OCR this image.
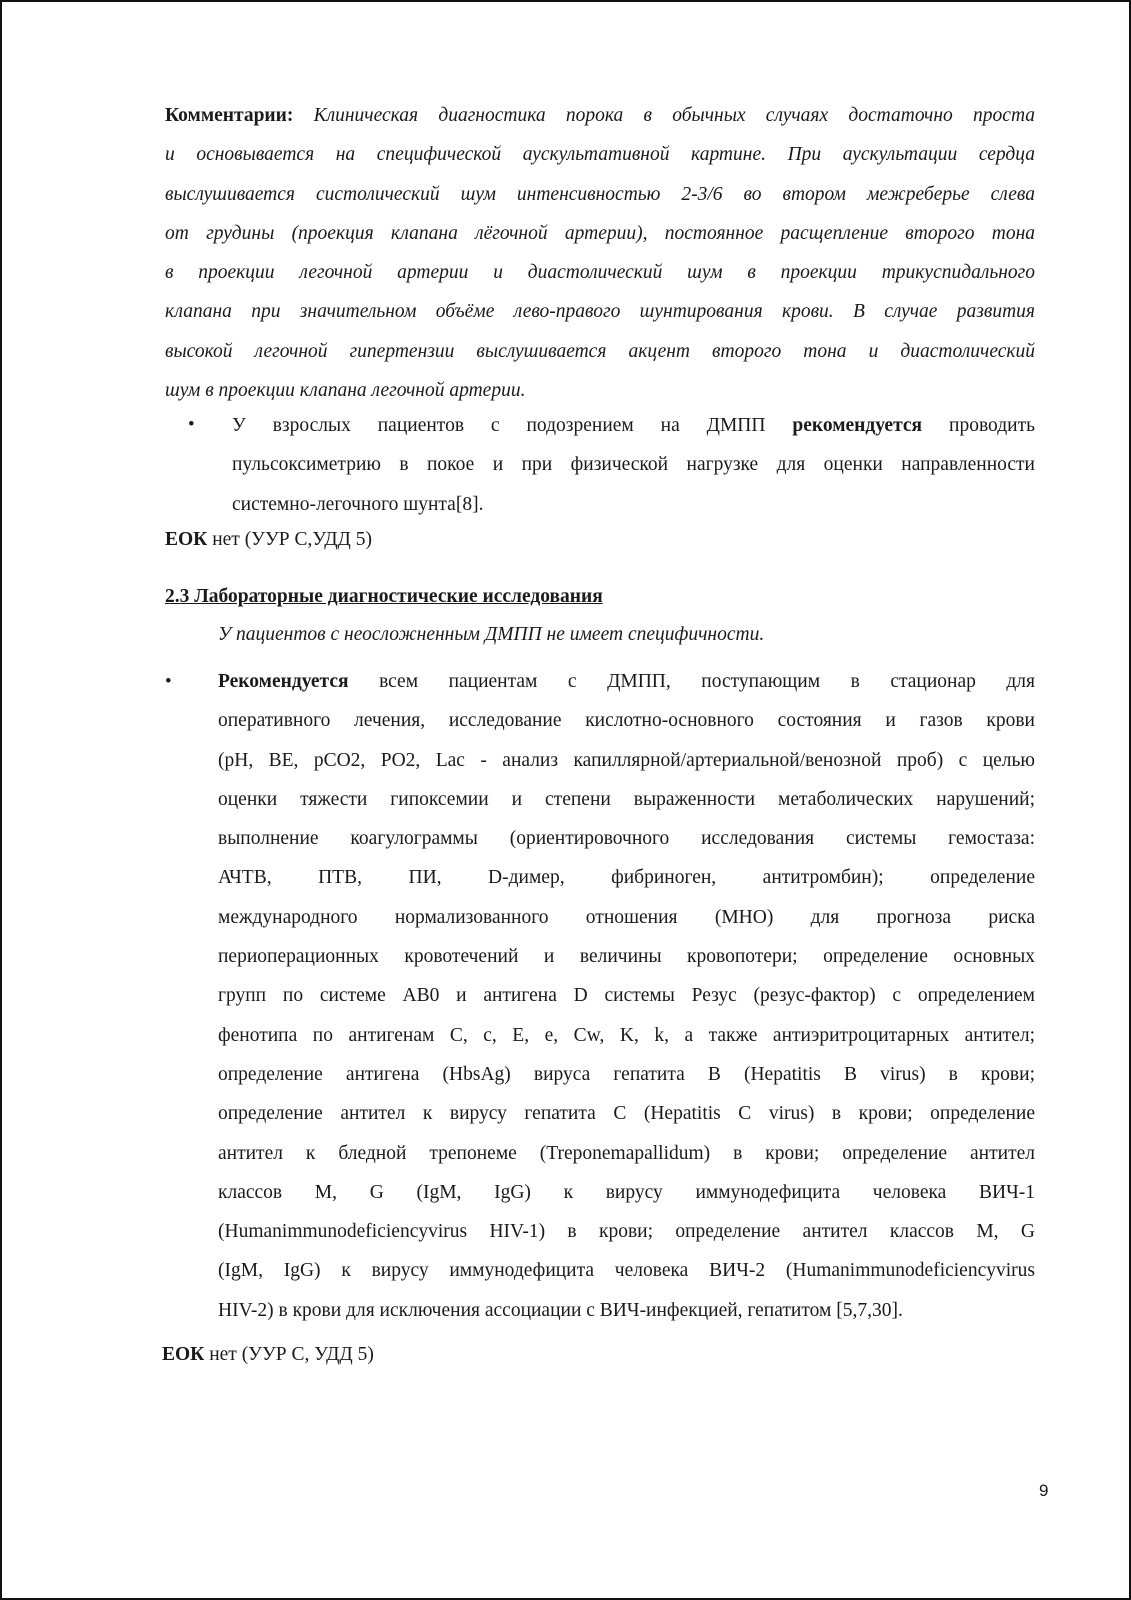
Комментарии: Клиническая диагностика порока в обычных случаях достаточно проста
и основывается на специфической аускультативной картине. При аускультации сердца
выслушивается систолический шум интенсивностью 2-3/6 во втором межреберье слева
от грудины (проекция клапана лёгочной артерии), постоянное расщепление второго тона
в проекции легочной артерии и диастолический шум в проекции трикуспидального
клапана при значительном объёме лево-правого шунтирования крови. В случае развития
высокой легочной гипертензии выслушивается акцент второго тона и диастолический
шум в проекции клапана легочной артерии.
• У взрослых пациентов с подозрением на ДМПП рекомендуется проводить
пульсоксиметрию в покое и при физической нагрузке для оценки направленности
системно-легочного шунта[8].
ЕОК нет (УУР С,УДД 5)
2.3 Лабораторные диагностические исследования
У пациентов с неосложненным ДМПП не имеет специфичности.
• Рекомендуется всем пациентам с ДМПП, поступающим в стационар для
оперативного лечения, исследование кислотно-основного состояния и газов крови
(pH, BE, pCO2, PO2, Lac - анализ капиллярной/артериальной/венозной проб) с целью
оценки тяжести гипоксемии и степени выраженности метаболических нарушений;
выполнение коагулограммы (ориентировочного исследования системы гемостаза:
АЧТВ, ПТВ, ПИ, D-димер, фибриноген, антитромбин); определение
международного нормализованного отношения (МНО) для прогноза риска
периоперационных кровотечений и величины кровопотери; определение основных
групп по системе АВ0 и антигена D системы Резус (резус-фактор) с определением
фенотипа по антигенам C, c, E, e, Cw, K, k, а также антиэритроцитарных антител;
определение антигена (HbsAg) вируса гепатита B (Hepatitis B virus) в крови;
определение антител к вирусу гепатита C (Hepatitis C virus) в крови; определение
антител к бледной трепонеме (Treponemapallidum) в крови; определение антител
классов M, G (IgM, IgG) к вирусу иммунодефицита человека ВИЧ-1
(Humanimmunodeficiencyvirus HIV-1) в крови; определение антител классов M, G
(IgM, IgG) к вирусу иммунодефицита человека ВИЧ-2 (Humanimmunodeficiencyvirus
HIV-2) в крови для исключения ассоциации с ВИЧ-инфекцией, гепатитом [5,7,30].
ЕОК нет (УУР С, УДД 5)
9
